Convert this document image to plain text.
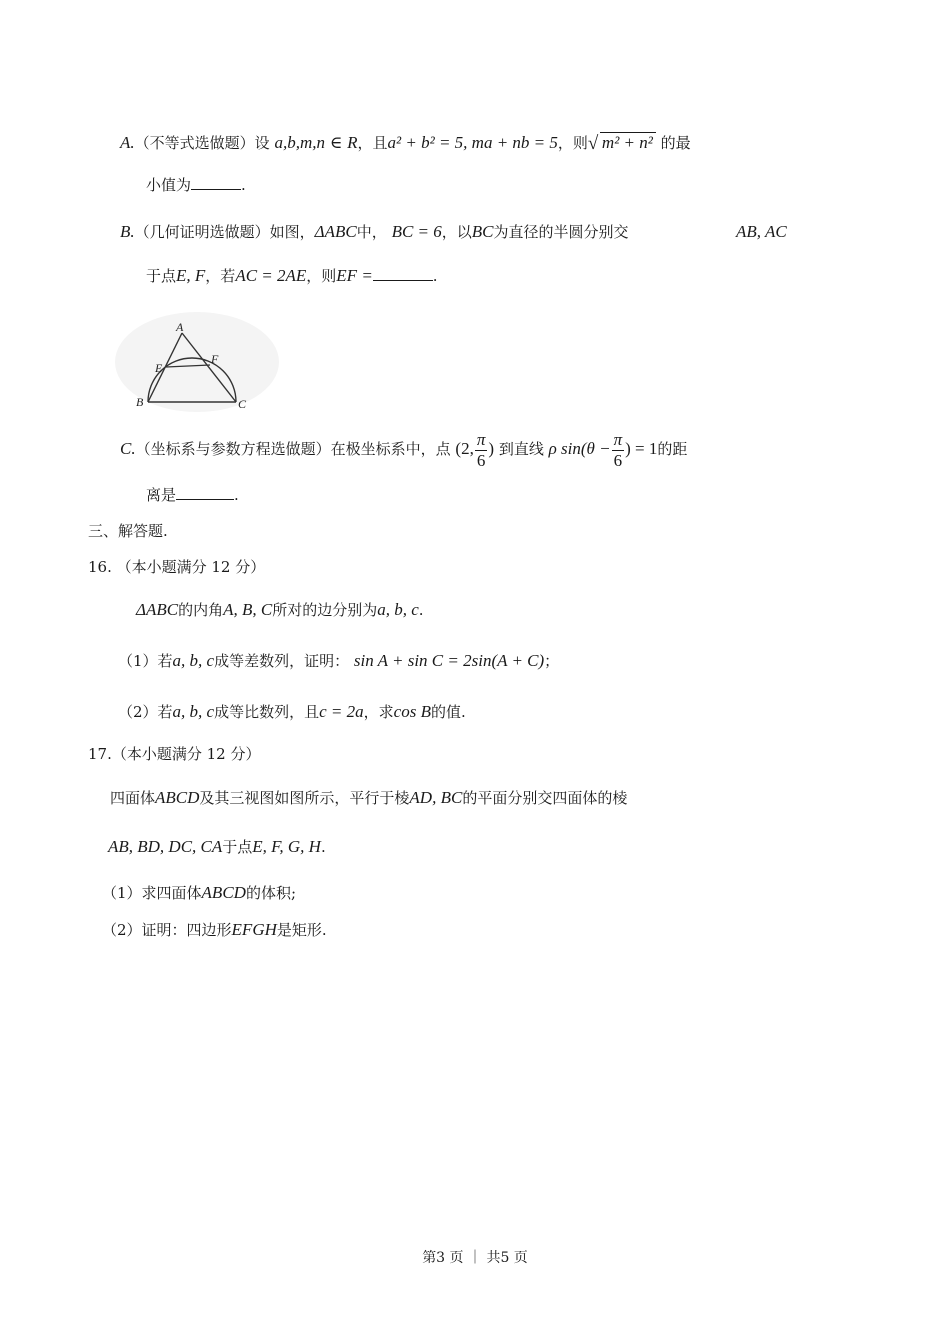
A.（不等式选做题）设 a,b,m,n ∈ R，且a² + b² = 5, ma + nb = 5，则 √ m² + n² 的最
小值为	.
B.（几何证明选做题）如图，ΔABC中， BC = 6，以BC为直径的半圆分别交	AB, AC
于点E, F，若AC = 2AE，则EF =	.
A
B	C
E
F
C.（坐标系与参数方程选做题）在极坐标系中，点 (2, $\frac{\pi}{6}$ ) 到直线 ρ $\sin(\theta - \frac{\pi}{6}$ ) = 1的距
离是	.
三、解答题.
16. （本小题满分 12 分）
ΔABC的内角A, B, C所对的边分别为a, b, c.
（1）若a, b, c成等差数列，证明： sin A + sin C = 2sin(A + C)；
（2）若a, b, c成等比数列，且c = 2a，求cos B的值.
17.（本小题满分 12 分）
四面体ABCD及其三视图如图所示，平行于棱AD, BC的平面分别交四面体的棱
AB, BD, DC, CA于点E, F, G, H.
（1）求四面体ABCD的体积;
（2）证明：四边形EFGH是矩形.
第3 页 ｜ 共5 页
